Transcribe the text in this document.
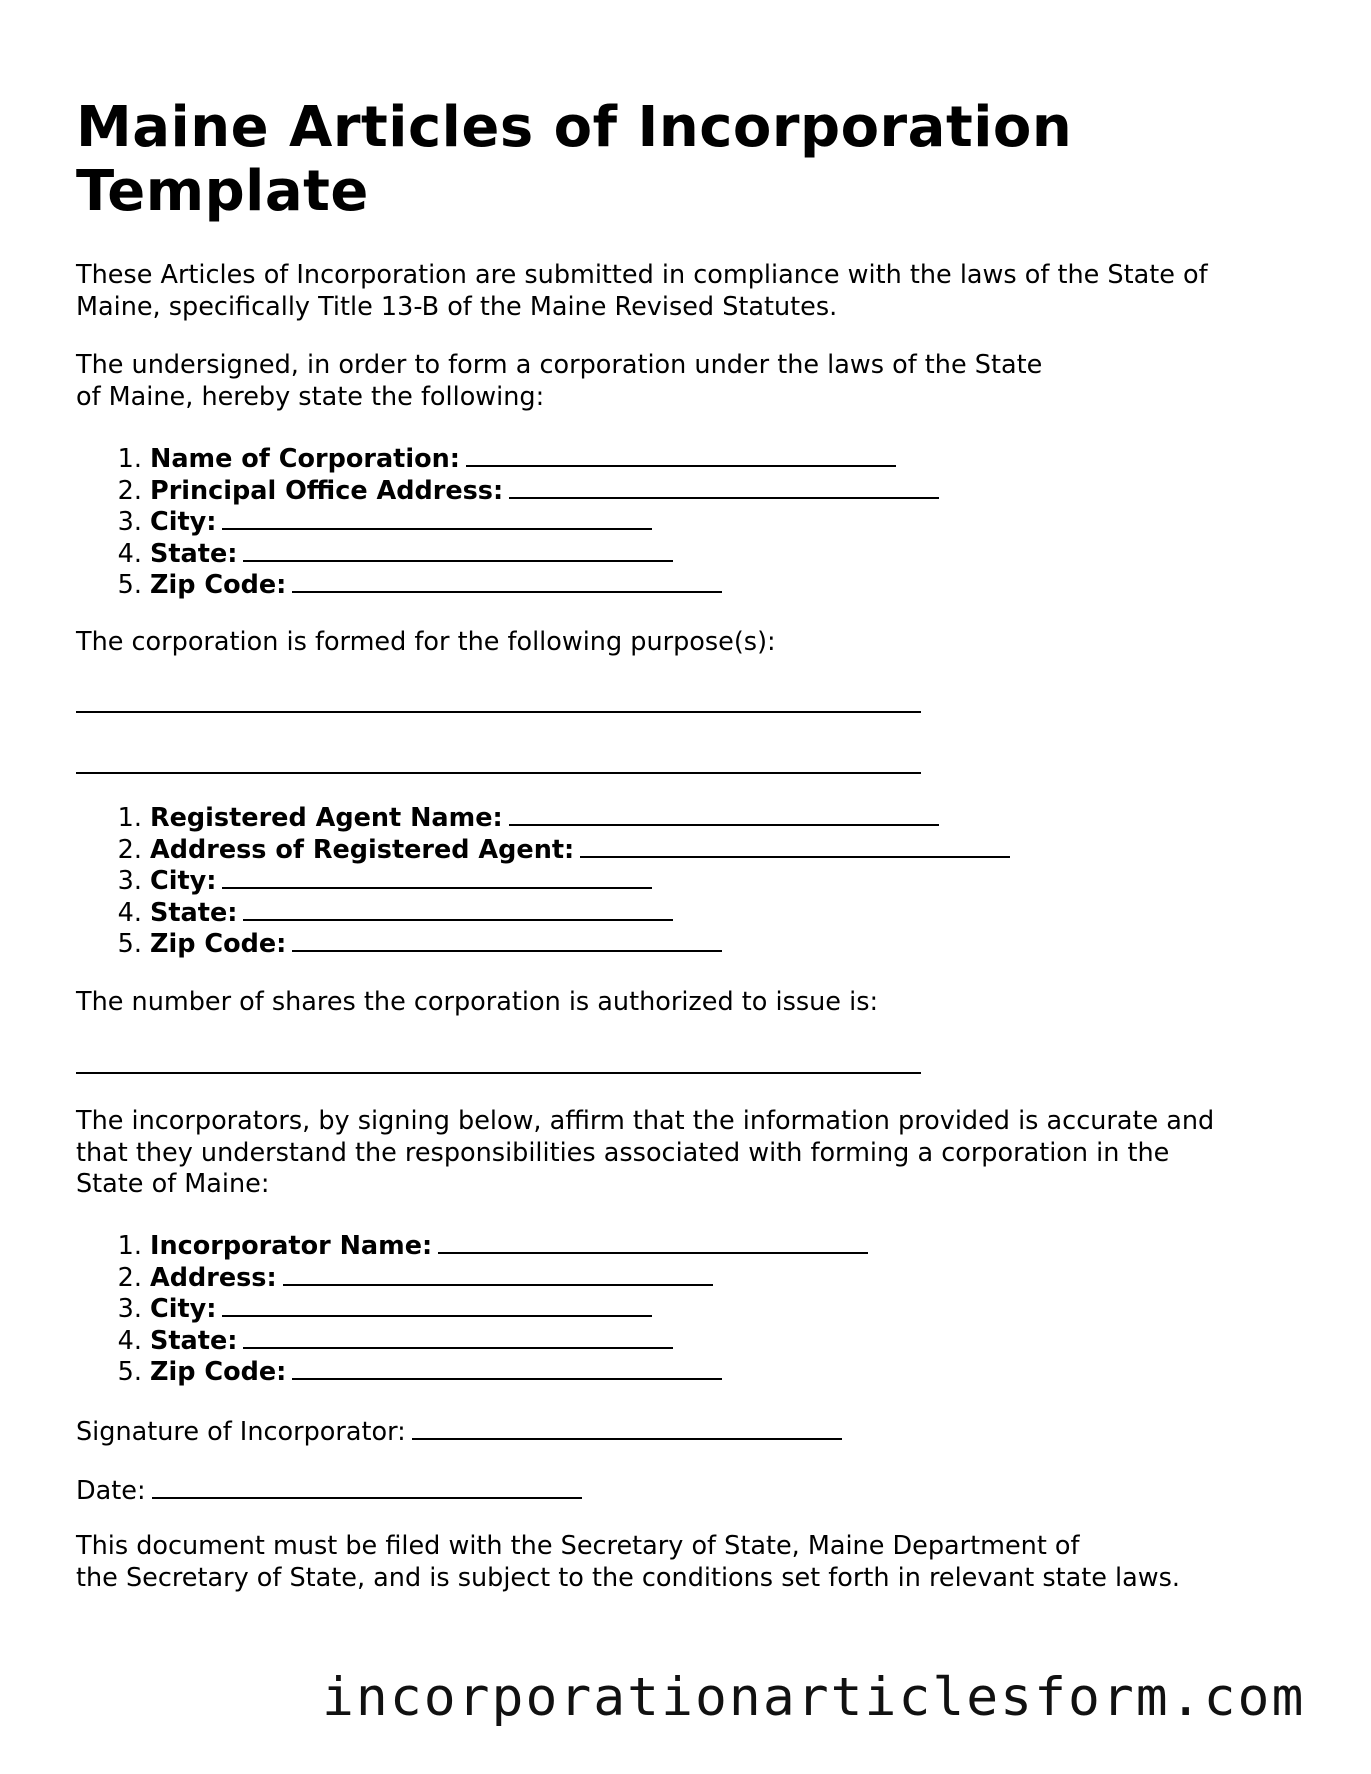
Maine Articles of Incorporation Template
These Articles of Incorporation are submitted in compliance with the laws of the State of
Maine, specifically Title 13-B of the Maine Revised Statutes.
The undersigned, in order to form a corporation under the laws of the State
of Maine, hereby state the following:
1. Name of Corporation:
2. Principal Office Address:
3. City:
4. State:
5. Zip Code:
The corporation is formed for the following purpose(s):
1. Registered Agent Name:
2. Address of Registered Agent:
3. City:
4. State:
5. Zip Code:
The number of shares the corporation is authorized to issue is:
The incorporators, by signing below, affirm that the information provided is accurate and
that they understand the responsibilities associated with forming a corporation in the
State of Maine:
1. Incorporator Name:
2. Address:
3. City:
4. State:
5. Zip Code:
Signature of Incorporator:
Date:
This document must be filed with the Secretary of State, Maine Department of
the Secretary of State, and is subject to the conditions set forth in relevant state laws.
incorporationarticlesform.com
